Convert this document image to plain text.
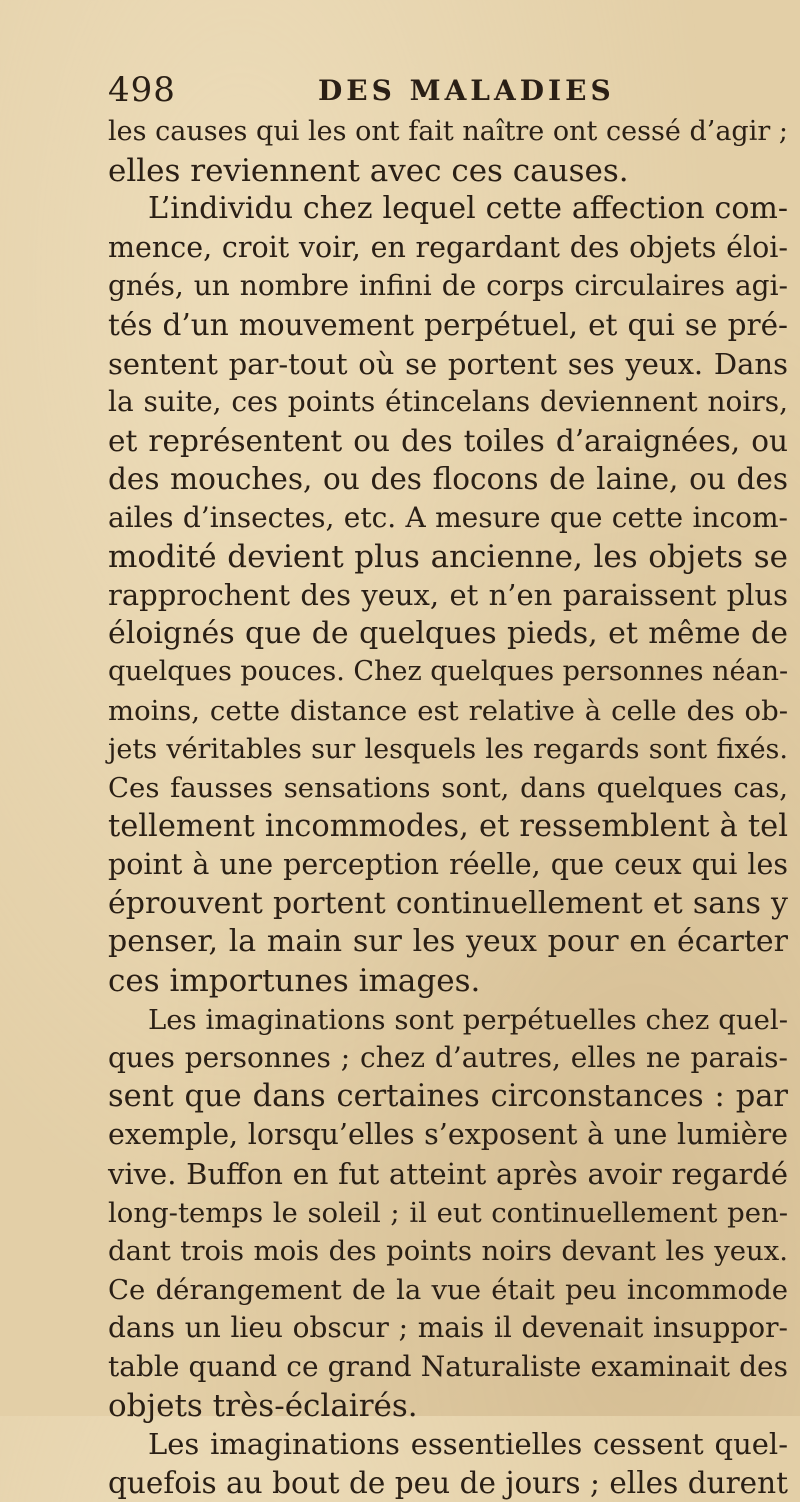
498	DES MALADIES
les causes qui les ont fait naître ont cessé d’agir ;
elles reviennent avec ces causes.
L’individu chez lequel cette affection com-
mence, croit voir, en regardant des objets éloi-
gnés, un nombre infini de corps circulaires agi-
tés d’un mouvement perpétuel, et qui se pré-
sentent par-tout où se portent ses yeux. Dans
la suite, ces points étincelans deviennent noirs,
et représentent ou des toiles d’araignées, ou
des mouches, ou des flocons de laine, ou des
ailes d’insectes, etc. A mesure que cette incom-
modité devient plus ancienne, les objets se
rapprochent des yeux, et n’en paraissent plus
éloignés que de quelques pieds, et même de
quelques pouces. Chez quelques personnes néan-
moins, cette distance est relative à celle des ob-
jets véritables sur lesquels les regards sont fixés.
Ces fausses sensations sont, dans quelques cas,
tellement incommodes, et ressemblent à tel
point à une perception réelle, que ceux qui les
éprouvent portent continuellement et sans y
penser, la main sur les yeux pour en écarter
ces importunes images.
Les imaginations sont perpétuelles chez quel-
ques personnes ; chez d’autres, elles ne parais-
sent que dans certaines circonstances : par
exemple, lorsqu’elles s’exposent à une lumière
vive. Buffon en fut atteint après avoir regardé
long-temps le soleil ; il eut continuellement pen-
dant trois mois des points noirs devant les yeux.
Ce dérangement de la vue était peu incommode
dans un lieu obscur ; mais il devenait insuppor-
table quand ce grand Naturaliste examinait des
objets très-éclairés.
Les imaginations essentielles cessent quel-
quefois au bout de peu de jours ; elles durent
